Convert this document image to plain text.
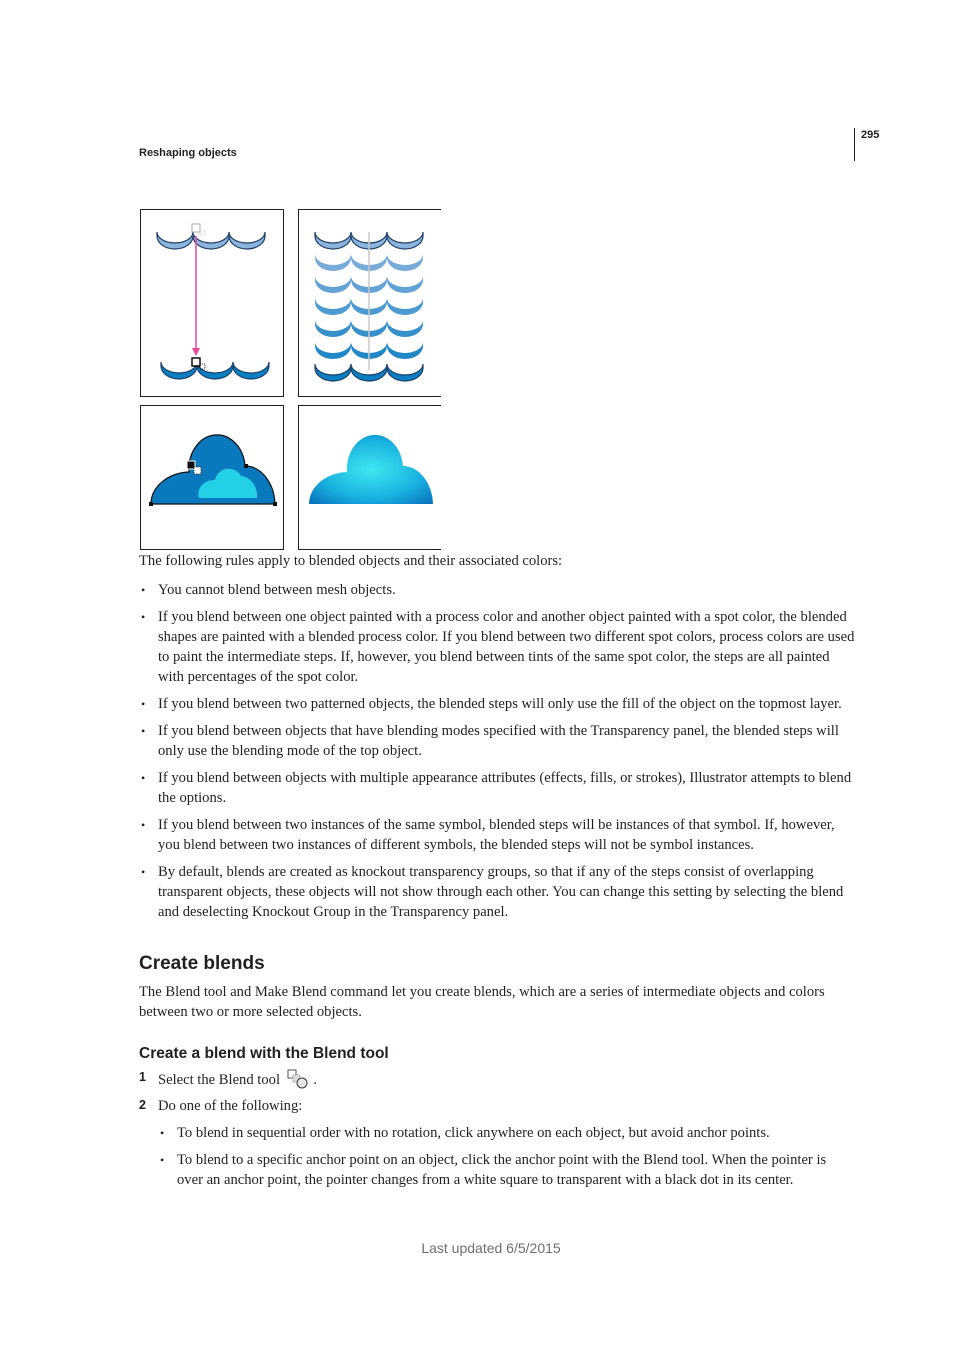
295
Reshaping objects
The following rules apply to blended objects and their associated colors:
• You cannot blend between mesh objects.
• If you blend between one object painted with a process color and another object painted with a spot color, the blended shapes are painted with a blended process color. If you blend between two different spot colors, process colors are used to paint the intermediate steps. If, however, you blend between tints of the same spot color, the steps are all painted with percentages of the spot color.
• If you blend between two patterned objects, the blended steps will only use the fill of the object on the topmost layer.
• If you blend between objects that have blending modes specified with the Transparency panel, the blended steps will only use the blending mode of the top object.
• If you blend between objects with multiple appearance attributes (effects, fills, or strokes), Illustrator attempts to blend the options.
• If you blend between two instances of the same symbol, blended steps will be instances of that symbol. If, however, you blend between two instances of different symbols, the blended steps will not be symbol instances.
• By default, blends are created as knockout transparency groups, so that if any of the steps consist of overlapping transparent objects, these objects will not show through each other. You can change this setting by selecting the blend and deselecting Knockout Group in the Transparency panel.
Create blends
The Blend tool and Make Blend command let you create blends, which are a series of intermediate objects and colors between two or more selected objects.
Create a blend with the Blend tool
1 Select the Blend tool .
2 Do one of the following:
• To blend in sequential order with no rotation, click anywhere on each object, but avoid anchor points.
• To blend to a specific anchor point on an object, click the anchor point with the Blend tool. When the pointer is over an anchor point, the pointer changes from a white square to transparent with a black dot in its center.
Last updated 6/5/2015
